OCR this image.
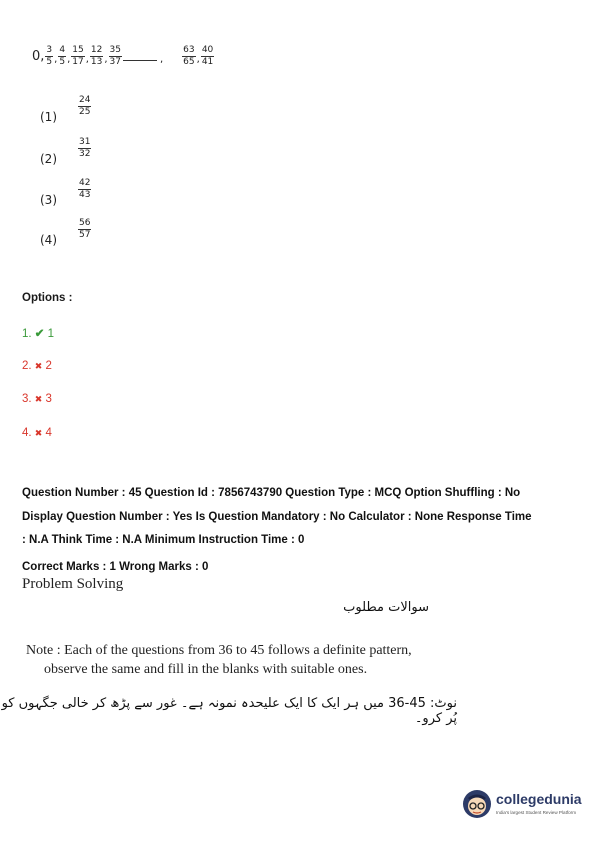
0, $\frac{3}{5}$ , $\frac{4}{5}$ , $\frac{15}{17}$ , $\frac{12}{13}$ , $\frac{35}{37}$	, $\frac{63}{65}$ , $\frac{40}{41}$
$(1) \frac{24}{25}$
$(2) \frac{31}{32}$
$(3) \frac{42}{43}$
$(4) \frac{56}{57}$
Options :
1. ✔ 1
2. ✖ 2
3. ✖ 3
4. ✖ 4
Question Number : 45 Question Id : 7856743790 Question Type : MCQ Option Shuffling : No
Display Question Number : Yes Is Question Mandatory : No Calculator : None Response Time
: N.A Think Time : N.A Minimum Instruction Time : 0
Correct Marks : 1 Wrong Marks : 0
Problem Solving
سوالات مطلوب
Note : Each of the questions from 36 to 45 follows a definite pattern,
observe the same and fill in the blanks with suitable ones.
نوٹ: 45-36 میں ہر ایک کا ایک علیحدہ نمونہ ہے۔ غور سے پڑھ کر خالی جگہوں کو پُر کرو۔
collegedunia
India's largest Student Review Platform
